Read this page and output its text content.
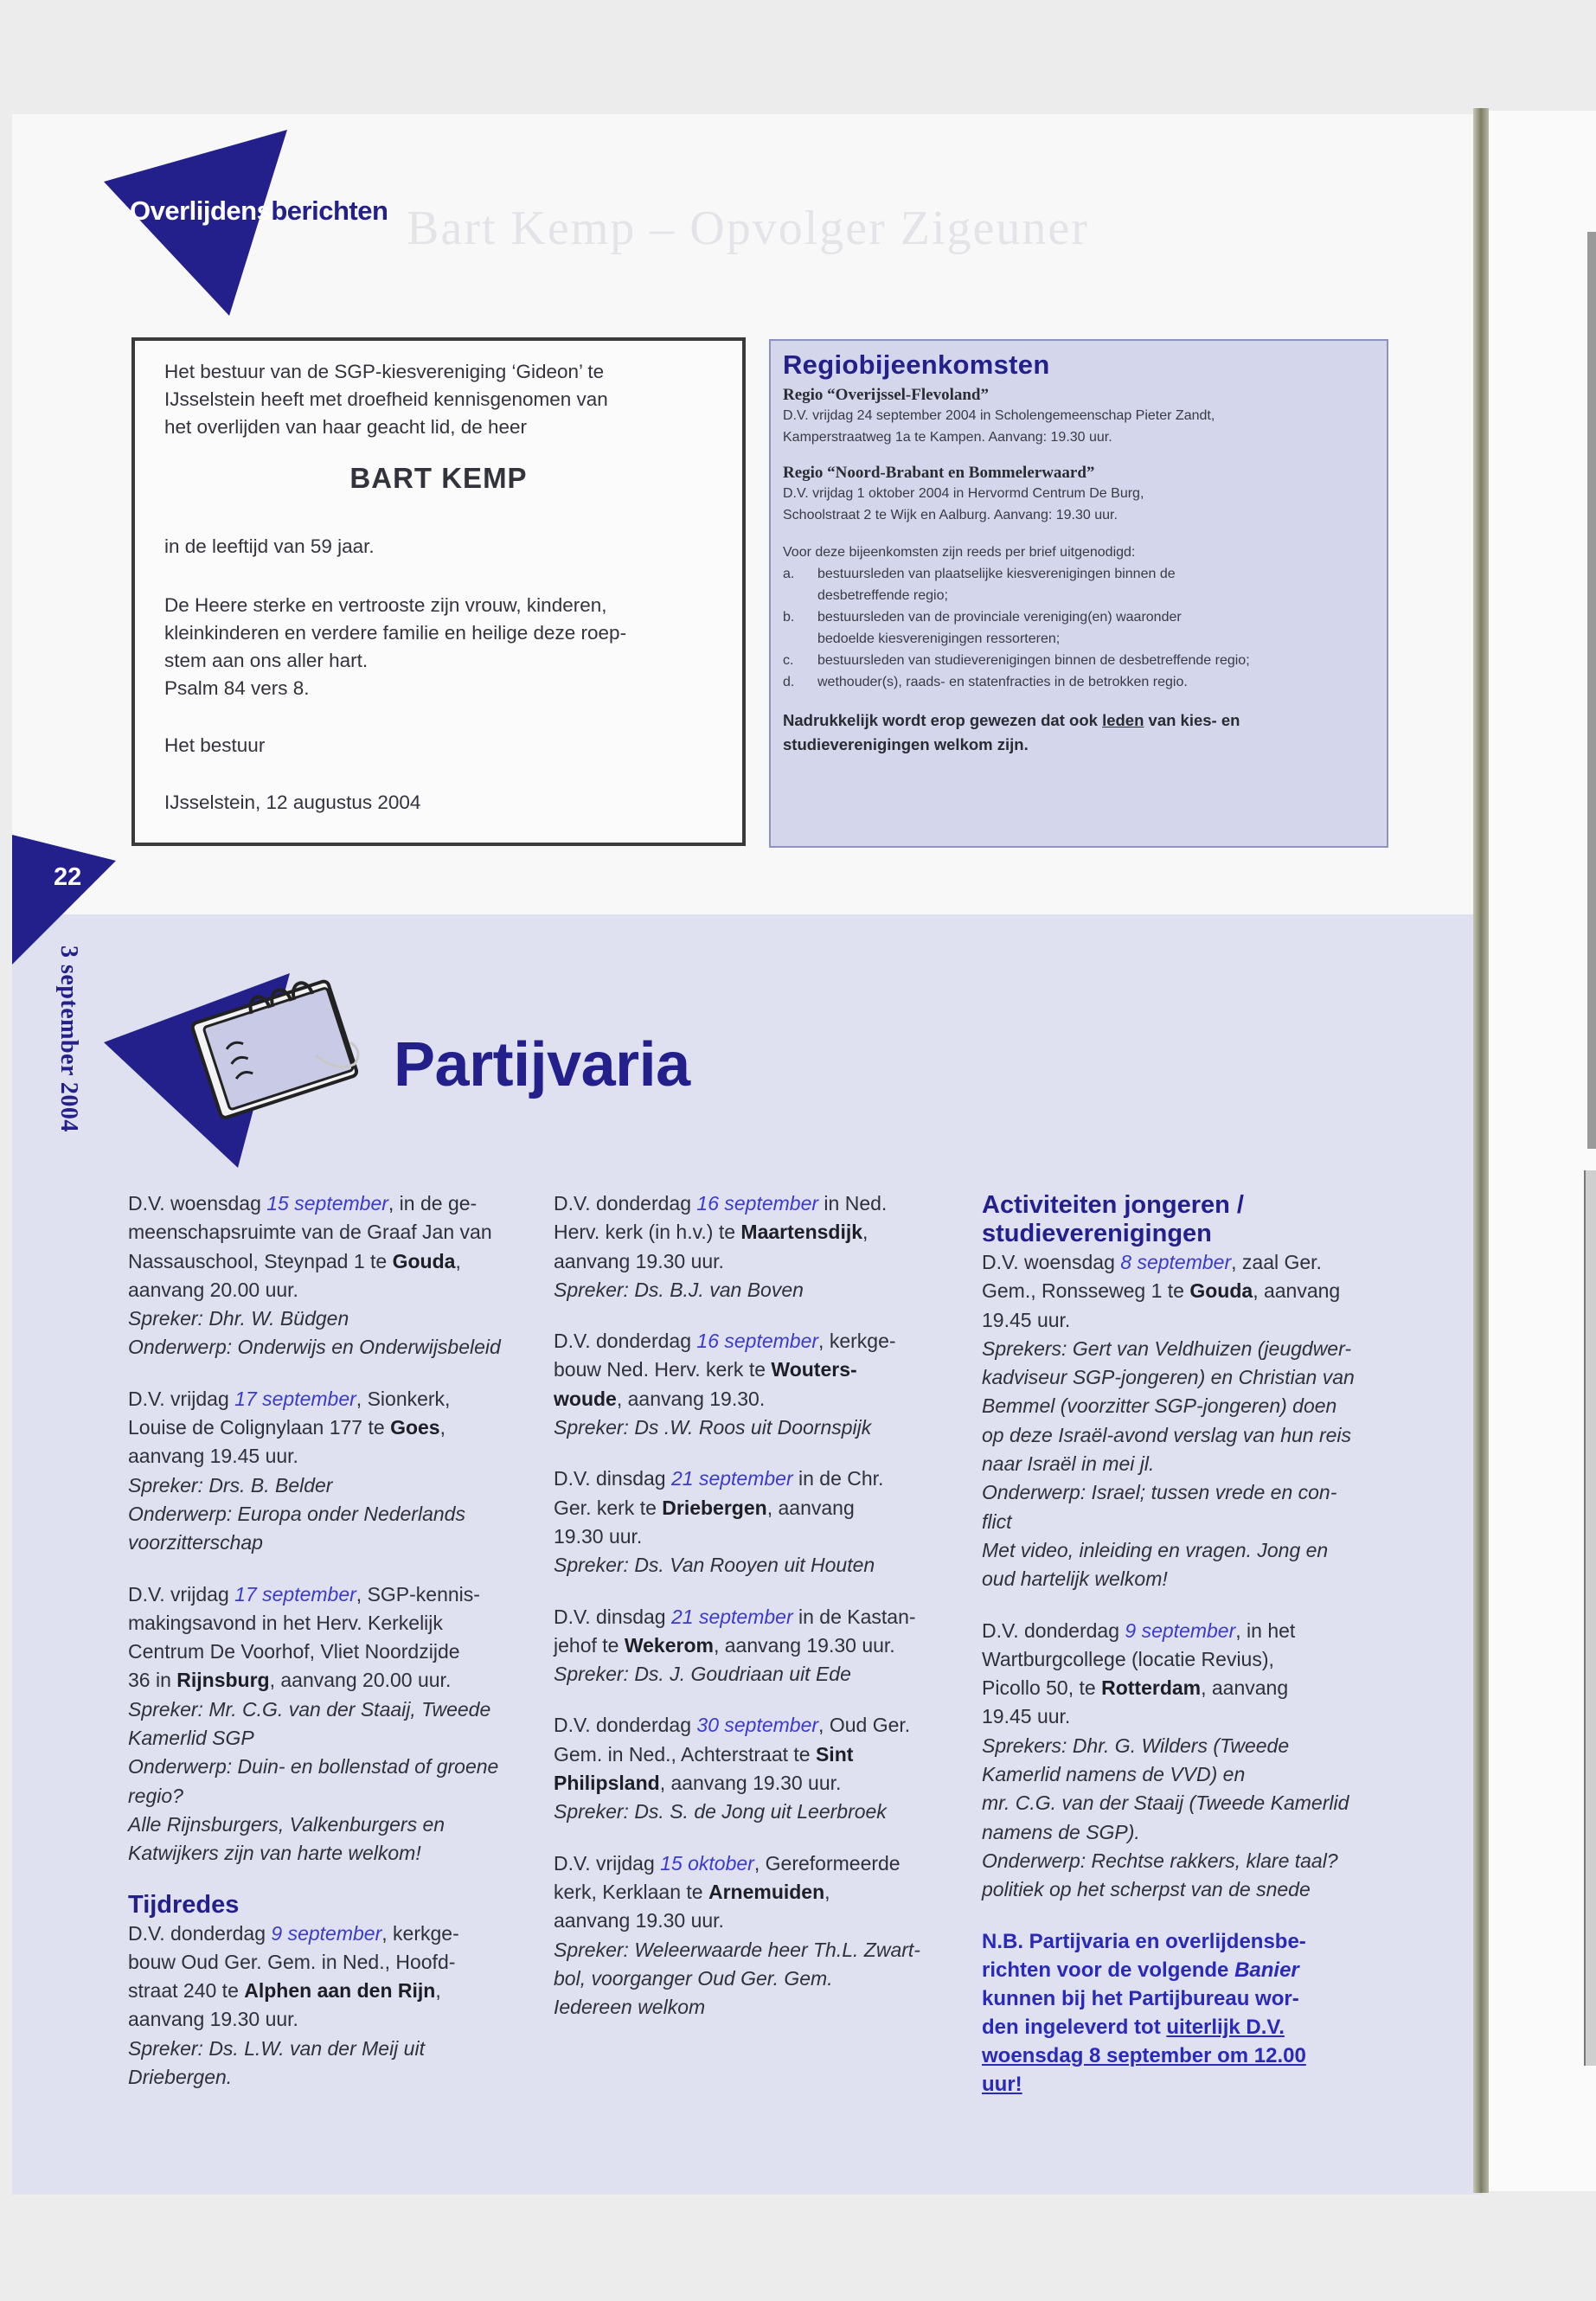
Bart Kemp – Opvolger Zigeuner
Overlijdensberichten

Het bestuur van de SGP-kiesvereniging ‘Gideon’ te
IJsselstein heeft met droefheid kennisgenomen van
het overlijden van haar geacht lid, de heer

BART KEMP

in de leeftijd van 59 jaar.

De Heere sterke en vertrooste zijn vrouw, kinderen,
kleinkinderen en verdere familie en heilige deze roep-
stem aan ons aller hart.
Psalm 84 vers 8.

Het bestuur

IJsselstein, 12 augustus 2004

Regiobijeenkomsten

Regio “Overijssel-Flevoland”

D.V. vrijdag 24 september 2004 in Scholengemeenschap Pieter Zandt,

Kamperstraatweg 1a te Kampen. Aanvang: 19.30 uur.

Regio “Noord-Brabant en Bommelerwaard”

D.V. vrijdag 1 oktober 2004 in Hervormd Centrum De Burg,

Schoolstraat 2 te Wijk en Aalburg. Aanvang: 19.30 uur.

Voor deze bijeenkomsten zijn reeds per brief uitgenodigd:

a. bestuursleden van plaatselijke kiesverenigingen binnen de
desbetreffende regio;
b. bestuursleden van de provinciale vereniging(en) waaronder
bedoelde kiesverenigingen ressorteren;
c. bestuursleden van studieverenigingen binnen de desbetreffende regio;
d. wethouder(s), raads- en statenfracties in de betrokken regio.

Nadrukkelijk wordt erop gewezen dat ook leden van kies- en

studieverenigingen welkom zijn.

22
3 september 2004	Partijvaria
D.V. woensdag 15 september, in de ge-
meenschapsruimte van de Graaf Jan van
Nassauschool, Steynpad 1 te Gouda,
aanvang 20.00 uur.
Spreker: Dhr. W. Büdgen
Onderwerp: Onderwijs en Onderwijsbeleid
D.V. vrijdag 17 september, Sionkerk,
Louise de Colignylaan 177 te Goes,
aanvang 19.45 uur.
Spreker: Drs. B. Belder
Onderwerp: Europa onder Nederlands
voorzitterschap
D.V. vrijdag 17 september, SGP-kennis-
makingsavond in het Herv. Kerkelijk
Centrum De Voorhof, Vliet Noordzijde
36 in Rijnsburg, aanvang 20.00 uur.
Spreker: Mr. C.G. van der Staaij, Tweede
Kamerlid SGP
Onderwerp: Duin- en bollenstad of groene
regio?
Alle Rijnsburgers, Valkenburgers en
Katwijkers zijn van harte welkom!

Tijdredes

D.V. donderdag 9 september, kerkge-
bouw Oud Ger. Gem. in Ned., Hoofd-
straat 240 te Alphen aan den Rijn,
aanvang 19.30 uur.
Spreker: Ds. L.W. van der Meij uit
Driebergen.
D.V. donderdag 16 september in Ned.
Herv. kerk (in h.v.) te Maartensdijk,
aanvang 19.30 uur.
Spreker: Ds. B.J. van Boven
D.V. donderdag 16 september, kerkge-
bouw Ned. Herv. kerk te Wouters-
woude, aanvang 19.30.
Spreker: Ds .W. Roos uit Doornspijk
D.V. dinsdag 21 september in de Chr.
Ger. kerk te Driebergen, aanvang
19.30 uur.
Spreker: Ds. Van Rooyen uit Houten
D.V. dinsdag 21 september in de Kastan-
jehof te Wekerom, aanvang 19.30 uur.
Spreker: Ds. J. Goudriaan uit Ede
D.V. donderdag 30 september, Oud Ger.
Gem. in Ned., Achterstraat te Sint
Philipsland, aanvang 19.30 uur.
Spreker: Ds. S. de Jong uit Leerbroek
D.V. vrijdag 15 oktober, Gereformeerde
kerk, Kerklaan te Arnemuiden,
aanvang 19.30 uur.
Spreker: Weleerwaarde heer Th.L. Zwart-
bol, voorganger Oud Ger. Gem.
Iedereen welkom

Activiteiten jongeren /
studieverenigingen

D.V. woensdag 8 september, zaal Ger.
Gem., Ronsseweg 1 te Gouda, aanvang
19.45 uur.
Sprekers: Gert van Veldhuizen (jeugdwer-
kadviseur SGP-jongeren) en Christian van
Bemmel (voorzitter SGP-jongeren) doen
op deze Israël-avond verslag van hun reis
naar Israël in mei jl.
Onderwerp: Israel; tussen vrede en con-
flict
Met video, inleiding en vragen. Jong en
oud hartelijk welkom!
D.V. donderdag 9 september, in het
Wartburgcollege (locatie Revius),
Picollo 50, te Rotterdam, aanvang
19.45 uur.
Sprekers: Dhr. G. Wilders (Tweede
Kamerlid namens de VVD) en
mr. C.G. van der Staaij (Tweede Kamerlid
namens de SGP).
Onderwerp: Rechtse rakkers, klare taal?
politiek op het scherpst van de snede
N.B. Partijvaria en overlijdensbe-
richten voor de volgende Banier
kunnen bij het Partijbureau wor-
den ingeleverd tot uiterlijk D.V.
woensdag 8 september om 12.00
uur!
